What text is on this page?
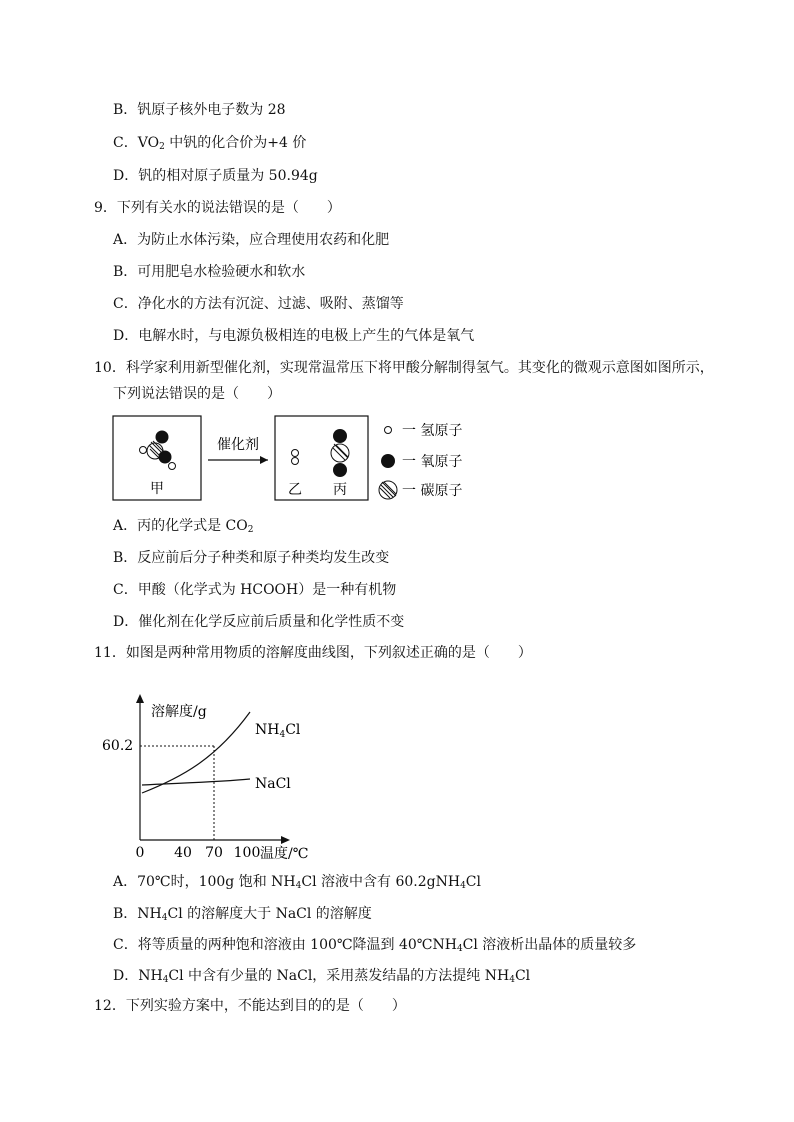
B．钒原子核外电子数为 28
C．$VO_2$ 中钒的化合价为+4 价
D．钒的相对原子质量为 50.94g
9．下列有关水的说法错误的是（　　）
A．为防止水体污染，应合理使用农药和化肥
B．可用肥皂水检验硬水和软水
C．净化水的方法有沉淀、过滤、吸附、蒸馏等
D．电解水时，与电源负极相连的电极上产生的气体是氧气
10．科学家利用新型催化剂，实现常温常压下将甲酸分解制得氢气。其变化的微观示意图如图所示，
下列说法错误的是（　　）
甲
催化剂
乙 丙
一 氢原子
一 氧原子
一 碳原子
A．丙的化学式是 $CO_2$
B．反应前后分子种类和原子种类均发生改变
C．甲酸（化学式为 HCOOH）是一种有机物
D．催化剂在化学反应前后质量和化学性质不变
11．如图是两种常用物质的溶解度曲线图，下列叙述正确的是（　　）
溶解度/g
温度/℃
60.2
0 40 70 100
$NH_4Cl$
NaCl
A．70℃时，100g 饱和 $NH_4Cl$ 溶液中含有 60.2gNH$_4$Cl
B．$NH_4Cl$ 的溶解度大于 NaCl 的溶解度
C．将等质量的两种饱和溶液由 100℃降温到 $40℃NH_4Cl$ 溶液析出晶体的质量较多
D．$NH_4Cl$ 中含有少量的 NaCl，采用蒸发结晶的方法提纯 $NH_4Cl$
12．下列实验方案中，不能达到目的的是（　　）
